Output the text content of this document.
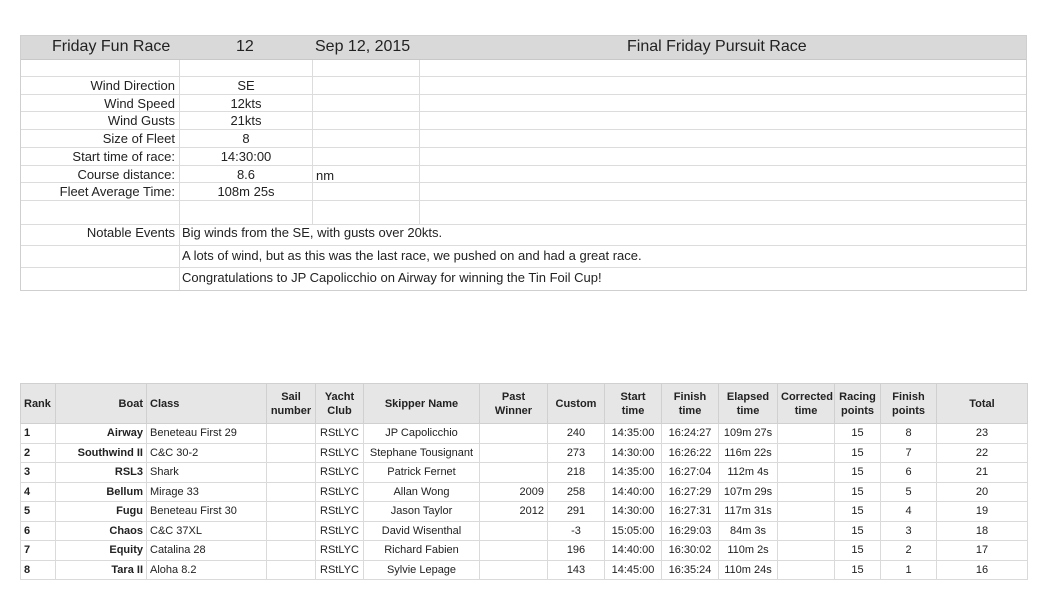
Friday Fun Race	12	Sep 12, 2015	Final Friday Pursuit Race
Wind Direction	SE
Wind Speed	12kts
Wind Gusts	21kts
Size of Fleet	8
Start time of race:	14:30:00
Course distance:	8.6	nm
Fleet Average Time:	108m 25s
Notable Events Big winds from the SE, with gusts over 20kts.
A lots of wind, but as this was the last race, we pushed on and had a great race.
Congratulations to JP Capolicchio on Airway for winning the Tin Foil Cup!
Rank	Boat	Class	Sail number	Yacht Club	Skipper Name	Past Winner	Custom	Start time	Finish time	Elapsed time	Corrected time	Racing points	Finish points	Total
1	Airway	Beneteau First 29		RStLYC	JP Capolicchio		240	14:35:00	16:24:27	109m 27s		15	8	23
2	Southwind II	C&C 30-2		RStLYC	Stephane Tousignant		273	14:30:00	16:26:22	116m 22s		15	7	22
3	RSL3	Shark		RStLYC	Patrick Fernet		218	14:35:00	16:27:04	112m 4s		15	6	21
4	Bellum	Mirage 33		RStLYC	Allan Wong	2009	258	14:40:00	16:27:29	107m 29s		15	5	20
5	Fugu	Beneteau First 30		RStLYC	Jason Taylor	2012	291	14:30:00	16:27:31	117m 31s		15	4	19
6	Chaos	C&C 37XL		RStLYC	David Wisenthal		-3	15:05:00	16:29:03	84m 3s		15	3	18
7	Equity	Catalina 28		RStLYC	Richard Fabien		196	14:40:00	16:30:02	110m 2s		15	2	17
8	Tara II	Aloha 8.2		RStLYC	Sylvie Lepage		143	14:45:00	16:35:24	110m 24s		15	1	16
